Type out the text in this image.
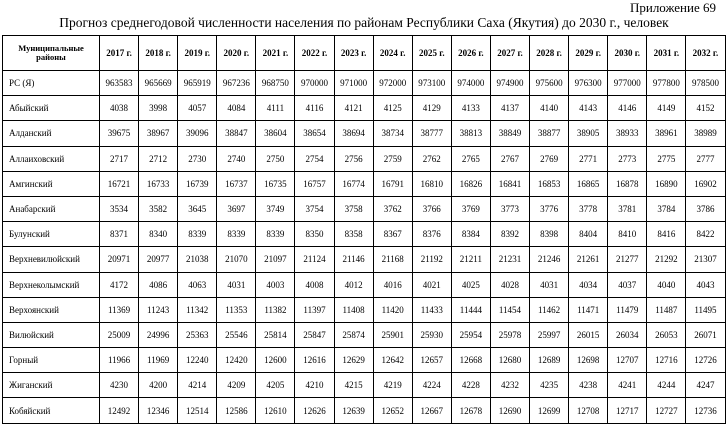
Приложение 69
Прогноз среднегодовой численности населения по районам Республики Саха (Якутия) до 2030 г., человек
Муниципальные районы	2017 г.	2018 г.	2019 г.	2020 г.	2021 г.	2022 г.	2023 г.	2024 г.	2025 г.	2026 г.	2027 г.	2028 г.	2029 г.	2030 г.	2031 г.	2032 г.
РС (Я)	963583	965669	965919	967236	968750	970000	971000	972000	973100	974000	974900	975600	976300	977000	977800	978500
Абыйский	4038	3998	4057	4084	4111	4116	4121	4125	4129	4133	4137	4140	4143	4146	4149	4152
Алданский	39675	38967	39096	38847	38604	38654	38694	38734	38777	38813	38849	38877	38905	38933	38961	38989
Аллаиховский	2717	2712	2730	2740	2750	2754	2756	2759	2762	2765	2767	2769	2771	2773	2775	2777
Амгинский	16721	16733	16739	16737	16735	16757	16774	16791	16810	16826	16841	16853	16865	16878	16890	16902
Анабарский	3534	3582	3645	3697	3749	3754	3758	3762	3766	3769	3773	3776	3778	3781	3784	3786
Булунский	8371	8340	8339	8339	8339	8350	8358	8367	8376	8384	8392	8398	8404	8410	8416	8422
Верхневилюйский	20971	20977	21038	21070	21097	21124	21146	21168	21192	21211	21231	21246	21261	21277	21292	21307
Верхнеколымский	4172	4086	4063	4031	4003	4008	4012	4016	4021	4025	4028	4031	4034	4037	4040	4043
Верхоянский	11369	11243	11342	11353	11382	11397	11408	11420	11433	11444	11454	11462	11471	11479	11487	11495
Вилюйский	25009	24996	25363	25546	25814	25847	25874	25901	25930	25954	25978	25997	26015	26034	26053	26071
Горный	11966	11969	12240	12420	12600	12616	12629	12642	12657	12668	12680	12689	12698	12707	12716	12726
Жиганский	4230	4200	4214	4209	4205	4210	4215	4219	4224	4228	4232	4235	4238	4241	4244	4247
Кобяйский	12492	12346	12514	12586	12610	12626	12639	12652	12667	12678	12690	12699	12708	12717	12727	12736
